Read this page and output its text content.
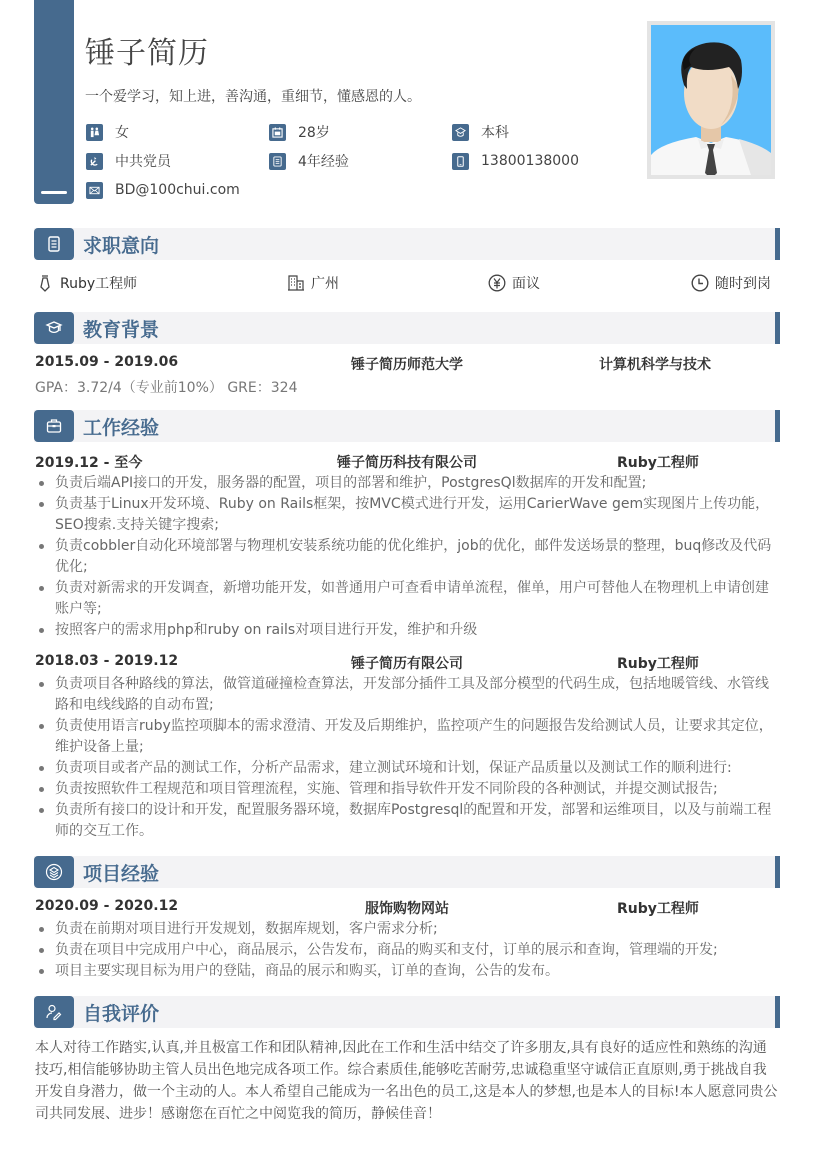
锤子简历
一个爱学习，知上进，善沟通，重细节，懂感恩的人。
女	28岁	本科
中共党员	4年经验	13800138000
BD@100chui.com
求职意向
Ruby工程师	广州	面议	随时到岗
教育背景
2015.09 - 2019.06	锤子简历师范大学	计算机科学与技术
GPA：3.72/4（专业前10%） GRE：324
工作经验
2019.12 - 至今	锤子简历科技有限公司	Ruby工程师
负责后端API接口的开发，服务器的配置，项目的部署和维护，PostgresQl数据库的开发和配置;
负责基于Linux开发环境、Ruby on Rails框架，按MVC模式进行开发，运用CarierWave gem实现图片上传功能，SEO搜索.支持关键字搜索;
负责cobbler自动化环境部署与物理机安装系统功能的优化维护，job的优化，邮件发送场景的整理，buq修改及代码优化;
负责对新需求的开发调查，新增功能开发，如普通用户可查看申请单流程，催单，用户可替他人在物理机上申请创建账户等;
按照客户的需求用php和ruby on rails对项目进行开发，维护和升级
2018.03 - 2019.12	锤子简历有限公司	Ruby工程师
负责项目各种路线的算法，做管道碰撞检查算法，开发部分插件工具及部分模型的代码生成，包括地暖管线、水管线路和电线线路的自动布置;
负责使用语言ruby监控项脚本的需求澄清、开发及后期维护，监控项产生的问题报告发给测试人员，让要求其定位，维护设备上量;
负责项目或者产品的测试工作，分析产品需求，建立测试环境和计划，保证产品质量以及测试工作的顺利进行:
负责按照软件工程规范和项目管理流程，实施、管理和指导软件开发不同阶段的各种测试，并提交测试报告;
负责所有接口的设计和开发，配置服务器环境，数据库Postgresql的配置和开发，部署和运维项目，以及与前端工程师的交互工作。
项目经验
2020.09 - 2020.12	服饰购物网站	Ruby工程师
负责在前期对项目进行开发规划，数据库规划，客户需求分析;
负责在项目中完成用户中心，商品展示，公告发布，商品的购买和支付，订单的展示和查询，管理端的开发;
项目主要实现目标为用户的登陆，商品的展示和购买，订单的查询，公告的发布。
自我评价

本人对待工作踏实,认真,并且极富工作和团队精神,因此在工作和生活中结交了许多朋友,具有良好的适应性和熟练的沟通技巧,相信能够协助主管人员出色地完成各项工作。综合素质佳,能够吃苦耐劳,忠诚稳重坚守诚信正直原则,勇于挑战自我开发自身潜力，做一个主动的人。本人希望自己能成为一名出色的员工,这是本人的梦想,也是本人的目标!本人愿意同贵公司共同发展、进步！感谢您在百忙之中阅览我的简历，静候佳音！
